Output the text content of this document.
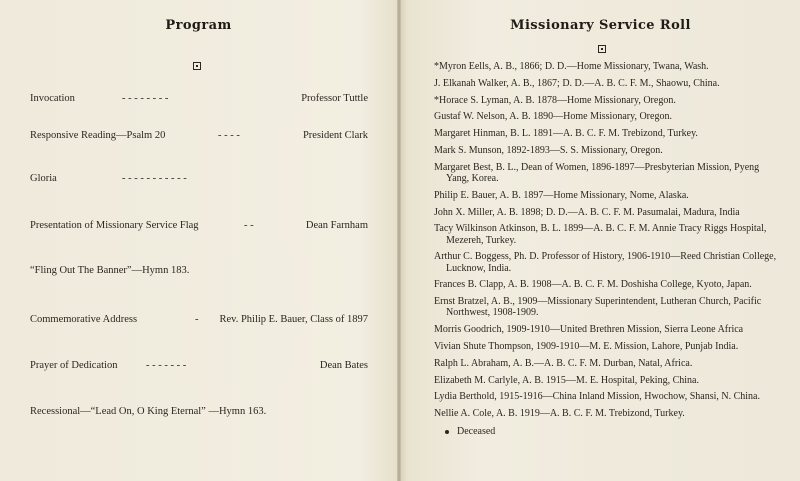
Program
Invocation	- - - - - - - -	Professor Tuttle
Responsive Reading—Psalm 20	- - - -	President Clark
Gloria	- - - - - - - - - - -
Presentation of Missionary Service Flag	- -	Dean Farnham
“Fling Out The Banner”—Hymn 183.
Commemorative Address	- Rev. Philip E. Bauer, Class of 1897
Prayer of Dedication	- - - - - - -	Dean Bates
Recessional—“Lead On, O King Eternal” —Hymn 163.
Missionary Service Roll
*Myron Eells, A. B., 1866; D. D.—Home Missionary, Twana, Wash.
J. Elkanah Walker, A. B., 1867; D. D.—A. B. C. F. M., Shaowu, China.
*Horace S. Lyman, A. B. 1878—Home Missionary, Oregon.
Gustaf W. Nelson, A. B. 1890—Home Missionary, Oregon.
Margaret Hinman, B. L. 1891—A. B. C. F. M. Trebizond, Turkey.
Mark S. Munson, 1892-1893—S. S. Missionary, Oregon.
Margaret Best, B. L., Dean of Women, 1896-1897—Presbyterian Mission, Pyeng Yang, Korea.
Philip E. Bauer, A. B. 1897—Home Missionary, Nome, Alaska.
John X. Miller, A. B. 1898; D. D.—A. B. C. F. M. Pasumalai, Madura, India
Tacy Wilkinson Atkinson, B. L. 1899—A. B. C. F. M. Annie Tracy Riggs Hospital, Mezereh, Turkey.
Arthur C. Boggess, Ph. D. Professor of History, 1906-1910—Reed Christian College, Lucknow, India.
Frances B. Clapp, A. B. 1908—A. B. C. F. M. Doshisha College, Kyoto, Japan.
Ernst Bratzel, A. B., 1909—Missionary Superintendent, Lutheran Church, Pacific Northwest, 1908-1909.
Morris Goodrich, 1909-1910—United Brethren Mission, Sierra Leone Africa
Vivian Shute Thompson, 1909-1910—M. E. Mission, Lahore, Punjab India.
Ralph L. Abraham, A. B.—A. B. C. F. M. Durban, Natal, Africa.
Elizabeth M. Carlyle, A. B. 1915—M. E. Hospital, Peking, China.
Lydia Berthold, 1915-1916—China Inland Mission, Hwochow, Shansi, N. China.
Nellie A. Cole, A. B. 1919—A. B. C. F. M. Trebizond, Turkey.
Deceased
